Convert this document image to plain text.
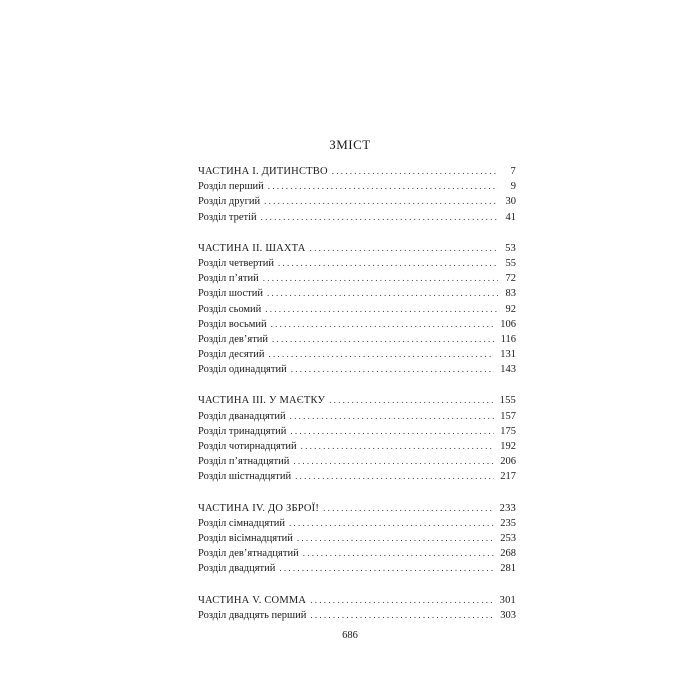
ЗМІСТ
ЧАСТИНА I. ДИТИНСТВО . . .	7
Розділ перший . . .	9
Розділ другий . . .	30
Розділ третій . . .	41
ЧАСТИНА II. ШАХТА . . .	53
Розділ четвертий . . .	55
Розділ п’ятий . . .	72
Розділ шостий . . .	83
Розділ сьомий . . .	92
Розділ восьмий . . .	106
Розділ дев’ятий . . .	116
Розділ десятий . . .	131
Розділ одинадцятий . . .	143
ЧАСТИНА III. У МАЄТКУ . . .	155
Розділ дванадцятий . . .	157
Розділ тринадцятий . . .	175
Розділ чотирнадцятий . . .	192
Розділ п’ятнадцятий . . .	206
Розділ шістнадцятий . . .	217
ЧАСТИНА IV. ДО ЗБРОЇ! . . .	233
Розділ сімнадцятий . . .	235
Розділ вісімнадцятий . . .	253
Розділ дев’ятнадцятий . . .	268
Розділ двадцятий . . .	281
ЧАСТИНА V. COMMA . . .	301
Розділ двадцять перший . . .	303
686
